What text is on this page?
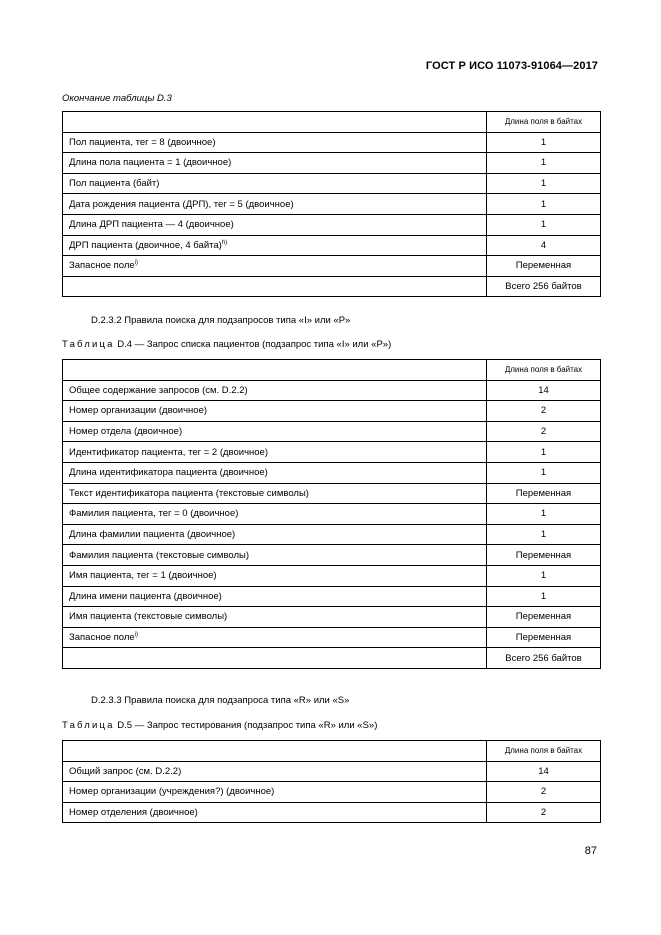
ГОСТ Р ИСО 11073-91064—2017
Окончание таблицы D.3
	Длина поля в байтах
Пол пациента, тег = 8 (двоичное)	1
Длина пола пациента = 1 (двоичное)	1
Пол пациента (байт)	1
Дата рождения пациента (ДРП), тег = 5 (двоичное)	1
Длина ДРП пациента — 4 (двоичное)	1
ДРП пациента (двоичное, 4 байта)$^{h)}$	4
Запасное поле$^{i)}$	Переменная
	Всего 256 байтов
D.2.3.2 Правила поиска для подзапросов типа «I» или «P»
Таблица D.4 — Запрос списка пациентов (подзапрос типа «I» или «P»)
	Длина поля в байтах
Общее содержание запросов (см. D.2.2)	14
Номер организации (двоичное)	2
Номер отдела (двоичное)	2
Идентификатор пациента, тег = 2 (двоичное)	1
Длина идентификатора пациента (двоичное)	1
Текст идентификатора пациента (текстовые символы)	Переменная
Фамилия пациента, тег = 0 (двоичное)	1
Длина фамилии пациента (двоичное)	1
Фамилия пациента (текстовые символы)	Переменная
Имя пациента, тег = 1 (двоичное)	1
Длина имени пациента (двоичное)	1
Имя пациента (текстовые символы)	Переменная
Запасное поле$^{i)}$	Переменная
	Всего 256 байтов
D.2.3.3 Правила поиска для подзапроса типа «R» или «S»
Таблица D.5 — Запрос тестирования (подзапрос типа «R» или «S»)
	Длина поля в байтах
Общий запрос (см. D.2.2)	14
Номер организации (учреждения?) (двоичное)	2
Номер отделения (двоичное)	2
87
